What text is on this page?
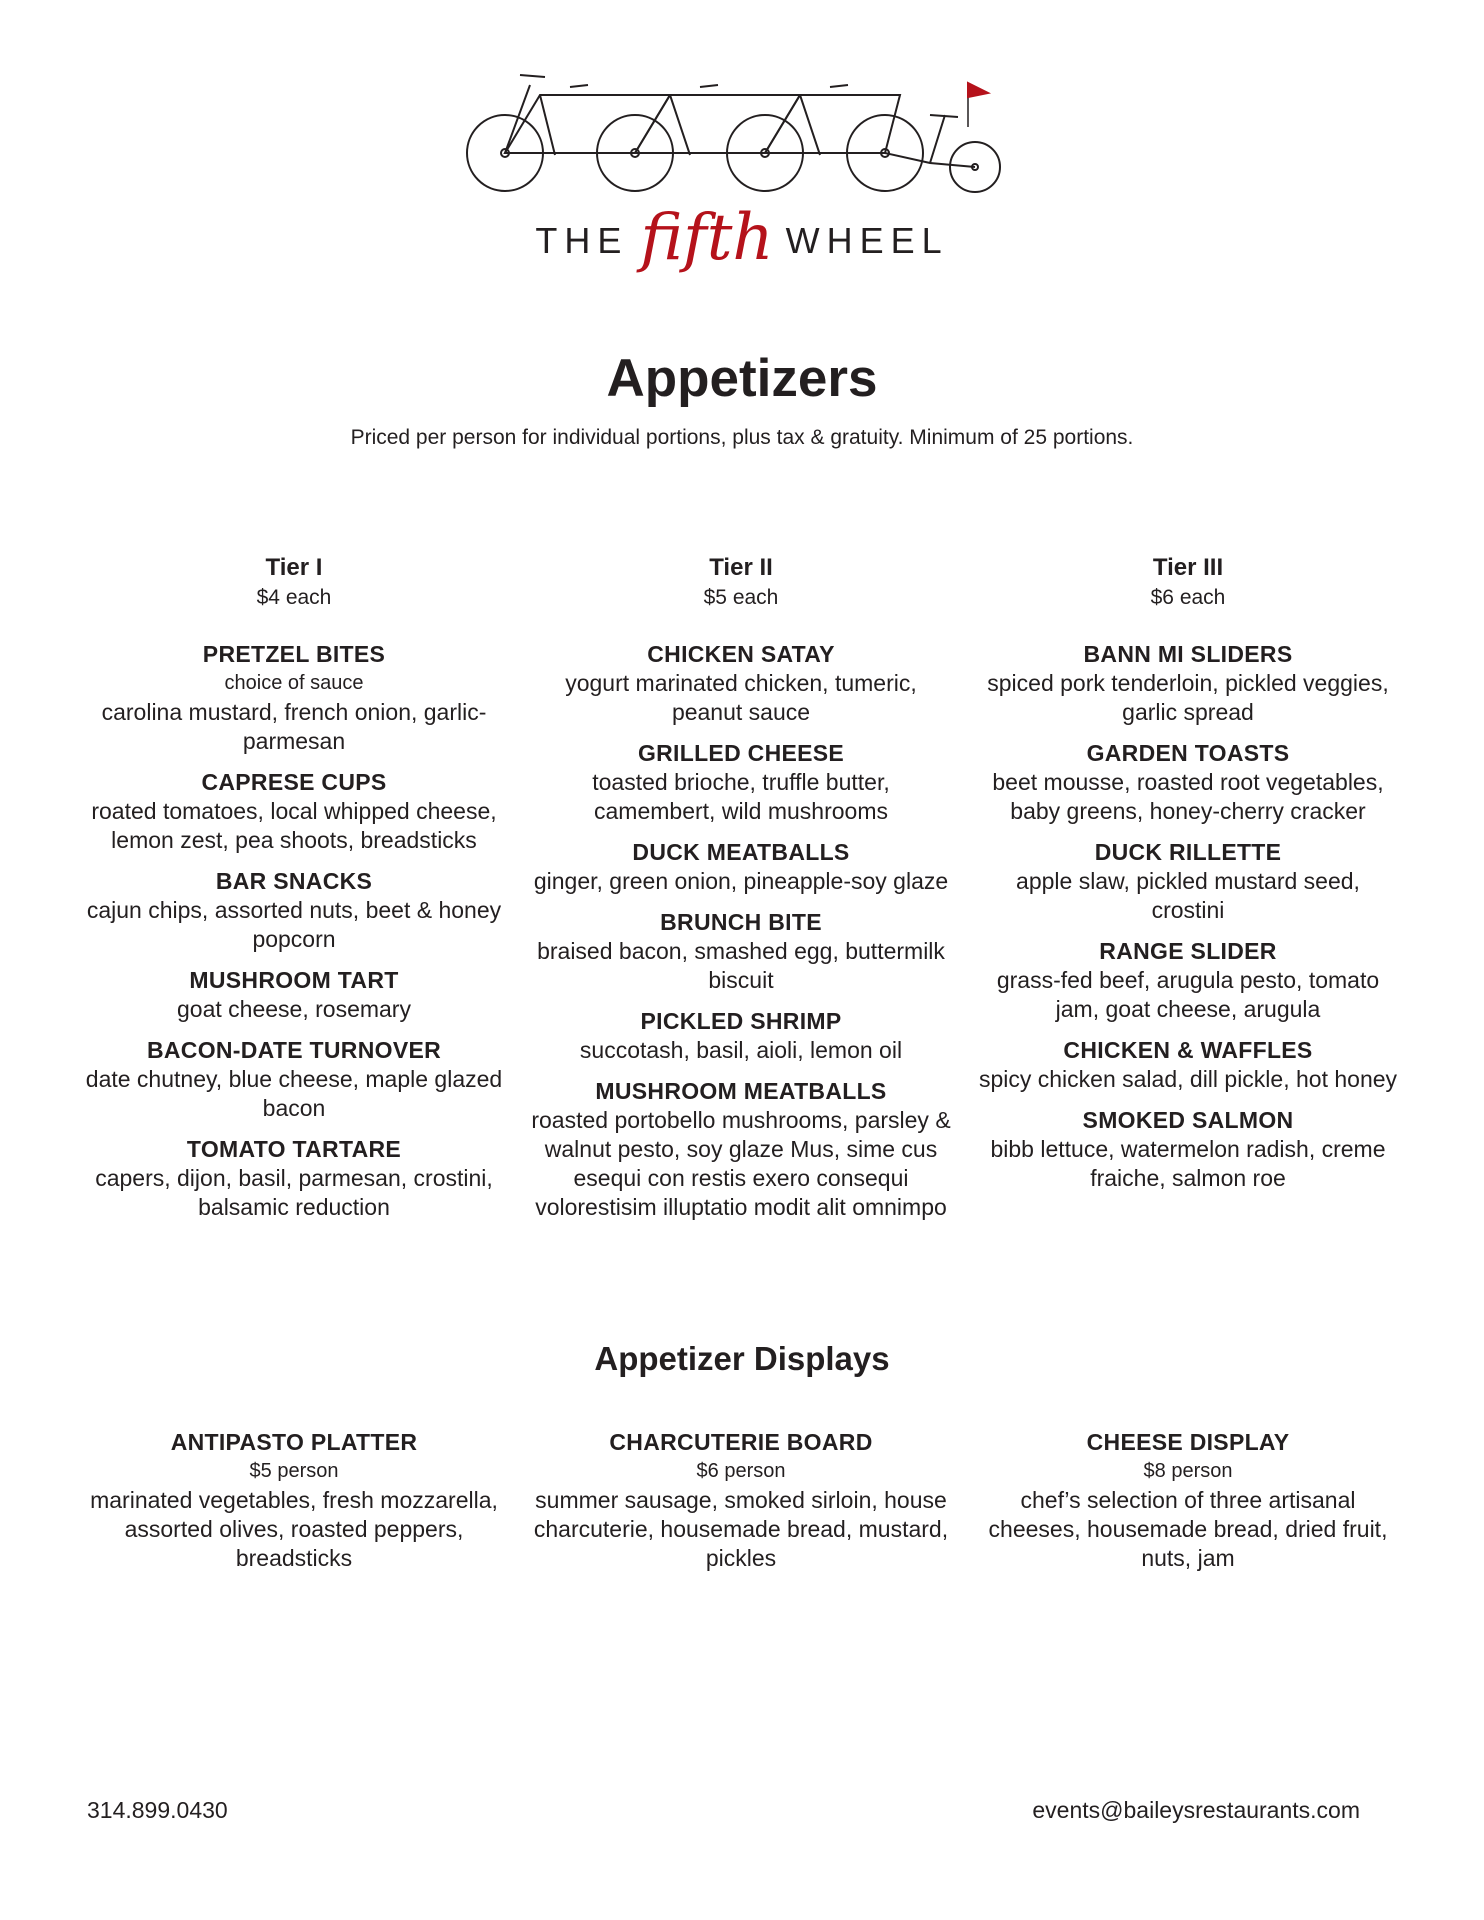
THE fifth WHEEL
Appetizers

Priced per person for individual portions, plus tax & gratuity. Minimum of 25 portions.

Tier I
$4 each
PRETZEL BITES
choice of sauce
carolina mustard, french onion, garlic-parmesan
CAPRESE CUPS
roated tomatoes, local whipped cheese, lemon zest, pea shoots, breadsticks
BAR SNACKS
cajun chips, assorted nuts, beet & honey popcorn
MUSHROOM TART
goat cheese, rosemary
BACON-DATE TURNOVER
date chutney, blue cheese, maple glazed bacon
TOMATO TARTARE
capers, dijon, basil, parmesan, crostini, balsamic reduction
Tier II
$5 each
CHICKEN SATAY
yogurt marinated chicken, tumeric, peanut sauce
GRILLED CHEESE
toasted brioche, truffle butter, camembert, wild mushrooms
DUCK MEATBALLS
ginger, green onion, pineapple-soy glaze
BRUNCH BITE
braised bacon, smashed egg, buttermilk biscuit
PICKLED SHRIMP
succotash, basil, aioli, lemon oil
MUSHROOM MEATBALLS
roasted portobello mushrooms, parsley & walnut pesto, soy glaze Mus, sime cus esequi con restis exero consequi volorestisim illuptatio modit alit omnimpo
Tier III
$6 each
BANN MI SLIDERS
spiced pork tenderloin, pickled veggies, garlic spread
GARDEN TOASTS
beet mousse, roasted root vegetables, baby greens, honey-cherry cracker
DUCK RILLETTE
apple slaw, pickled mustard seed, crostini
RANGE SLIDER
grass-fed beef, arugula pesto, tomato jam, goat cheese, arugula
CHICKEN & WAFFLES
spicy chicken salad, dill pickle, hot honey
SMOKED SALMON
bibb lettuce, watermelon radish, creme fraiche, salmon roe
Appetizer Displays
ANTIPASTO PLATTER
$5 person
marinated vegetables, fresh mozzarella, assorted olives, roasted peppers, breadsticks
CHARCUTERIE BOARD
$6 person
summer sausage, smoked sirloin, house charcuterie, housemade bread, mustard, pickles
CHEESE DISPLAY
$8 person
chef’s selection of three artisanal cheeses, housemade bread, dried fruit, nuts, jam
314.899.0430	events@baileysrestaurants.com
